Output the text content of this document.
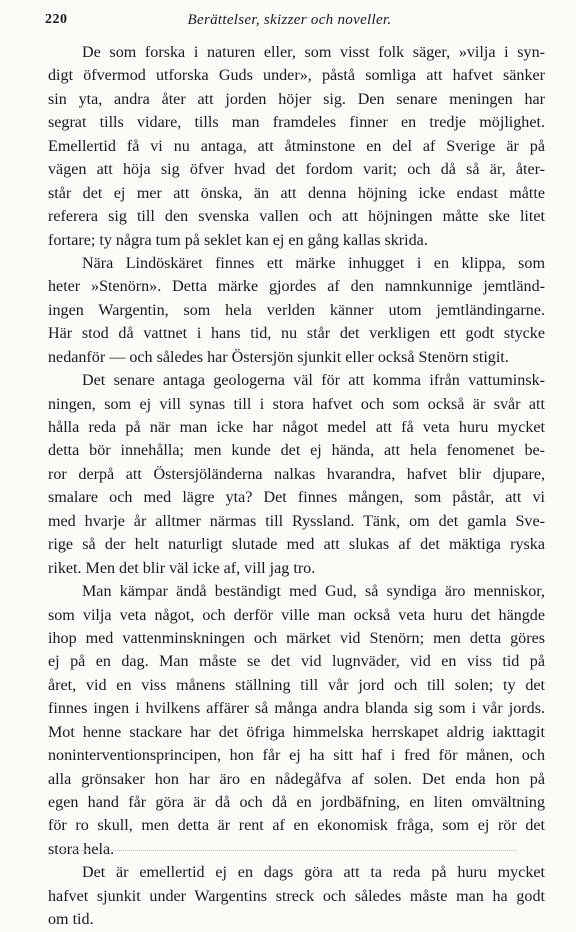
220	Berättelser, skizzer och noveller.
De som forska i naturen eller, som visst folk säger, »vilja i syn-
digt öfvermod utforska Guds under», påstå somliga att hafvet sänker
sin yta, andra åter att jorden höjer sig. Den senare meningen har
segrat tills vidare, tills man framdeles finner en tredje möjlighet.
Emellertid få vi nu antaga, att åtminstone en del af Sverige är på
vägen att höja sig öfver hvad det fordom varit; och då så är, åter-
står det ej mer att önska, än att denna höjning icke endast måtte
referera sig till den svenska vallen och att höjningen måtte ske litet
fortare; ty några tum på seklet kan ej en gång kallas skrida.
Nära Lindöskäret finnes ett märke inhugget i en klippa, som
heter »Stenörn». Detta märke gjordes af den namnkunnige jemtländ-
ingen Wargentin, som hela verlden känner utom jemtländingarne.
Här stod då vattnet i hans tid, nu står det verkligen ett godt stycke
nedanför — och således har Östersjön sjunkit eller också Stenörn stigit.
Det senare antaga geologerna väl för att komma ifrån vattuminsk-
ningen, som ej vill synas till i stora hafvet och som också är svår att
hålla reda på när man icke har något medel att få veta huru mycket
detta bör innehålla; men kunde det ej hända, att hela fenomenet be-
ror derpå att Östersjöländerna nalkas hvarandra, hafvet blir djupare,
smalare och med lägre yta? Det finnes mången, som påstår, att vi
med hvarje år alltmer närmas till Ryssland. Tänk, om det gamla Sve-
rige så der helt naturligt slutade med att slukas af det mäktiga ryska
riket. Men det blir väl icke af, vill jag tro.
Man kämpar ändå beständigt med Gud, så syndiga äro menniskor,
som vilja veta något, och derför ville man också veta huru det hängde
ihop med vattenminskningen och märket vid Stenörn; men detta göres
ej på en dag. Man måste se det vid lugnväder, vid en viss tid på
året, vid en viss månens ställning till vår jord och till solen; ty det
finnes ingen i hvilkens affärer så många andra blanda sig som i vår jords.
Mot henne stackare har det öfriga himmelska herrskapet aldrig iakttagit
noninterventionsprincipen, hon får ej ha sitt haf i fred för månen, och
alla grönsaker hon har äro en nådegåfva af solen. Det enda hon på
egen hand får göra är då och då en jordbäfning, en liten omvältning
för ro skull, men detta är rent af en ekonomisk fråga, som ej rör det
stora hela.
Det är emellertid ej en dags göra att ta reda på huru mycket
hafvet sjunkit under Wargentins streck och således måste man ha godt
om tid.
